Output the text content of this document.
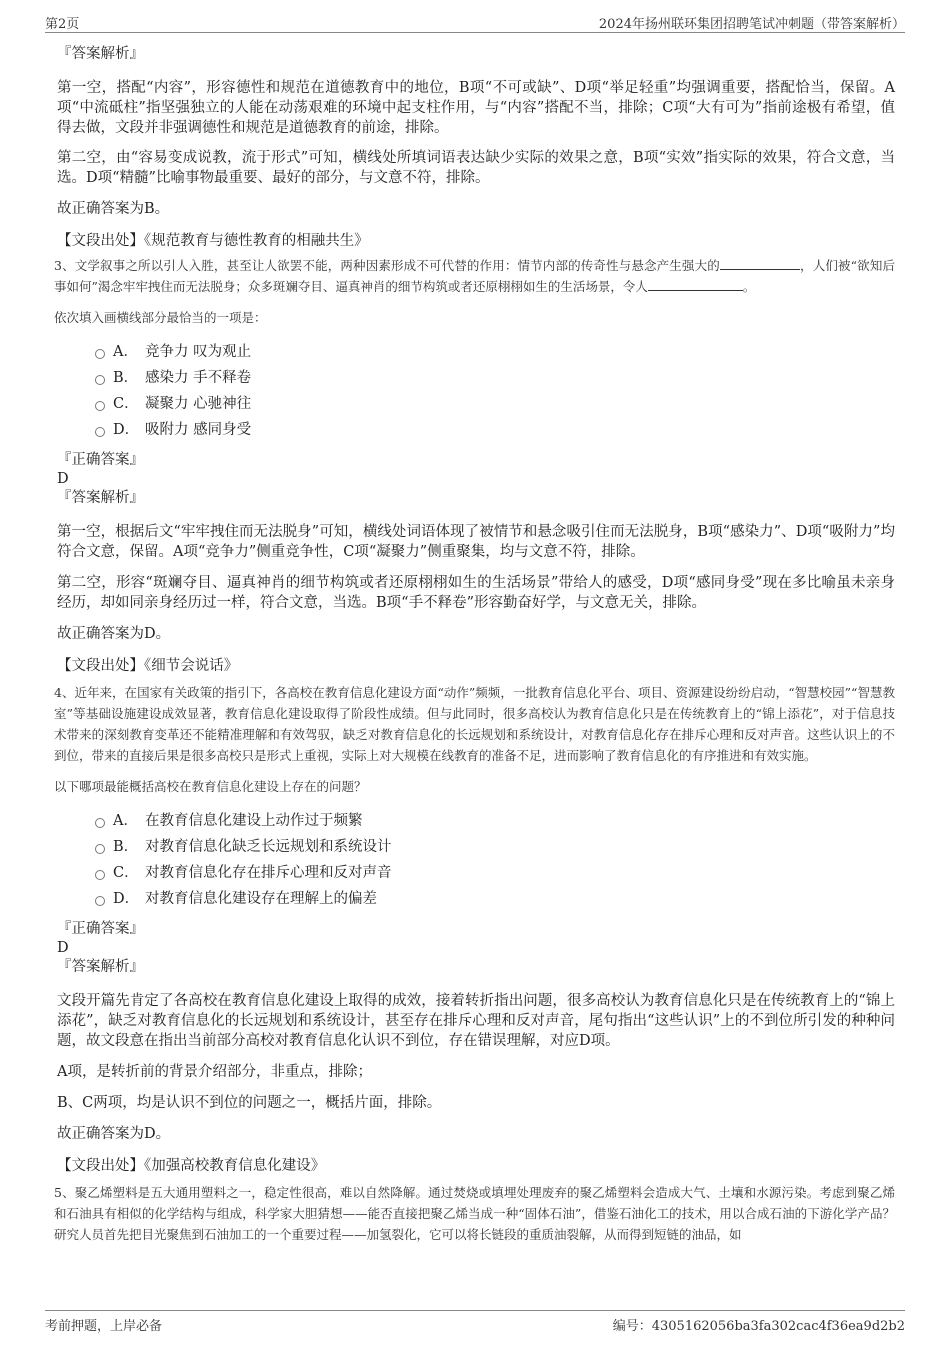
第2页	2024年扬州联环集团招聘笔试冲刺题（带答案解析）

『答案解析』

第一空，搭配“内容”，形容德性和规范在道德教育中的地位，B项“不可或缺”、D项“举足轻重”均强调重要，搭配恰当，保留。A项“中流砥柱”指坚强独立的人能在动荡艰难的环境中起支柱作用，与“内容”搭配不当，排除；C项“大有可为”指前途极有希望，值得去做，文段并非强调德性和规范是道德教育的前途，排除。

第二空，由“容易变成说教，流于形式”可知，横线处所填词语表达缺少实际的效果之意，B项“实效”指实际的效果，符合文意，当选。D项“精髓”比喻事物最重要、最好的部分，与文意不符，排除。

故正确答案为B。

【文段出处】《规范教育与德性教育的相融共生》

3、文学叙事之所以引人入胜，甚至让人欲罢不能，两种因素形成不可代替的作用：情节内部的传奇性与悬念产生强大的	，人们被“欲知后事如何”渴念牢牢拽住而无法脱身；众多斑斓夺目、逼真神肖的细节构筑或者还原栩栩如生的生活场景，令人	。

依次填入画横线部分最恰当的一项是：

A． 竞争力 叹为观止
B． 感染力 手不释卷
C． 凝聚力 心驰神往
D． 吸附力 感同身受

『正确答案』

D

『答案解析』

第一空，根据后文“牢牢拽住而无法脱身”可知，横线处词语体现了被情节和悬念吸引住而无法脱身，B项“感染力”、D项“吸附力”均符合文意，保留。A项“竞争力”侧重竞争性，C项“凝聚力”侧重聚集，均与文意不符，排除。

第二空，形容“斑斓夺目、逼真神肖的细节构筑或者还原栩栩如生的生活场景”带给人的感受，D项“感同身受”现在多比喻虽未亲身经历，却如同亲身经历过一样，符合文意，当选。B项“手不释卷”形容勤奋好学，与文意无关，排除。

故正确答案为D。

【文段出处】《细节会说话》

4、近年来，在国家有关政策的指引下，各高校在教育信息化建设方面“动作”频频，一批教育信息化平台、项目、资源建设纷纷启动，“智慧校园”“智慧教室”等基础设施建设成效显著，教育信息化建设取得了阶段性成绩。但与此同时，很多高校认为教育信息化只是在传统教育上的“锦上添花”，对于信息技术带来的深刻教育变革还不能精准理解和有效驾驭，缺乏对教育信息化的长远规划和系统设计，对教育信息化存在排斥心理和反对声音。这些认识上的不到位，带来的直接后果是很多高校只是形式上重视，实际上对大规模在线教育的准备不足，进而影响了教育信息化的有序推进和有效实施。

以下哪项最能概括高校在教育信息化建设上存在的问题？

A． 在教育信息化建设上动作过于频繁
B． 对教育信息化缺乏长远规划和系统设计
C． 对教育信息化存在排斥心理和反对声音
D． 对教育信息化建设存在理解上的偏差

『正确答案』

D

『答案解析』

文段开篇先肯定了各高校在教育信息化建设上取得的成效，接着转折指出问题，很多高校认为教育信息化只是在传统教育上的“锦上添花”，缺乏对教育信息化的长远规划和系统设计，甚至存在排斥心理和反对声音，尾句指出“这些认识”上的不到位所引发的种种问题，故文段意在指出当前部分高校对教育信息化认识不到位，存在错误理解，对应D项。

A项，是转折前的背景介绍部分，非重点，排除；

B、C两项，均是认识不到位的问题之一，概括片面，排除。

故正确答案为D。

【文段出处】《加强高校教育信息化建设》

5、聚乙烯塑料是五大通用塑料之一，稳定性很高，难以自然降解。通过焚烧或填埋处理废弃的聚乙烯塑料会造成大气、土壤和水源污染。考虑到聚乙烯和石油具有相似的化学结构与组成，科学家大胆猜想——能否直接把聚乙烯当成一种“固体石油”，借鉴石油化工的技术，用以合成石油的下游化学产品？研究人员首先把目光聚焦到石油加工的一个重要过程——加氢裂化，它可以将长链段的重质油裂解，从而得到短链的油品，如

考前押题，上岸必备	编号：4305162056ba3fa302cac4f36ea9d2b2
